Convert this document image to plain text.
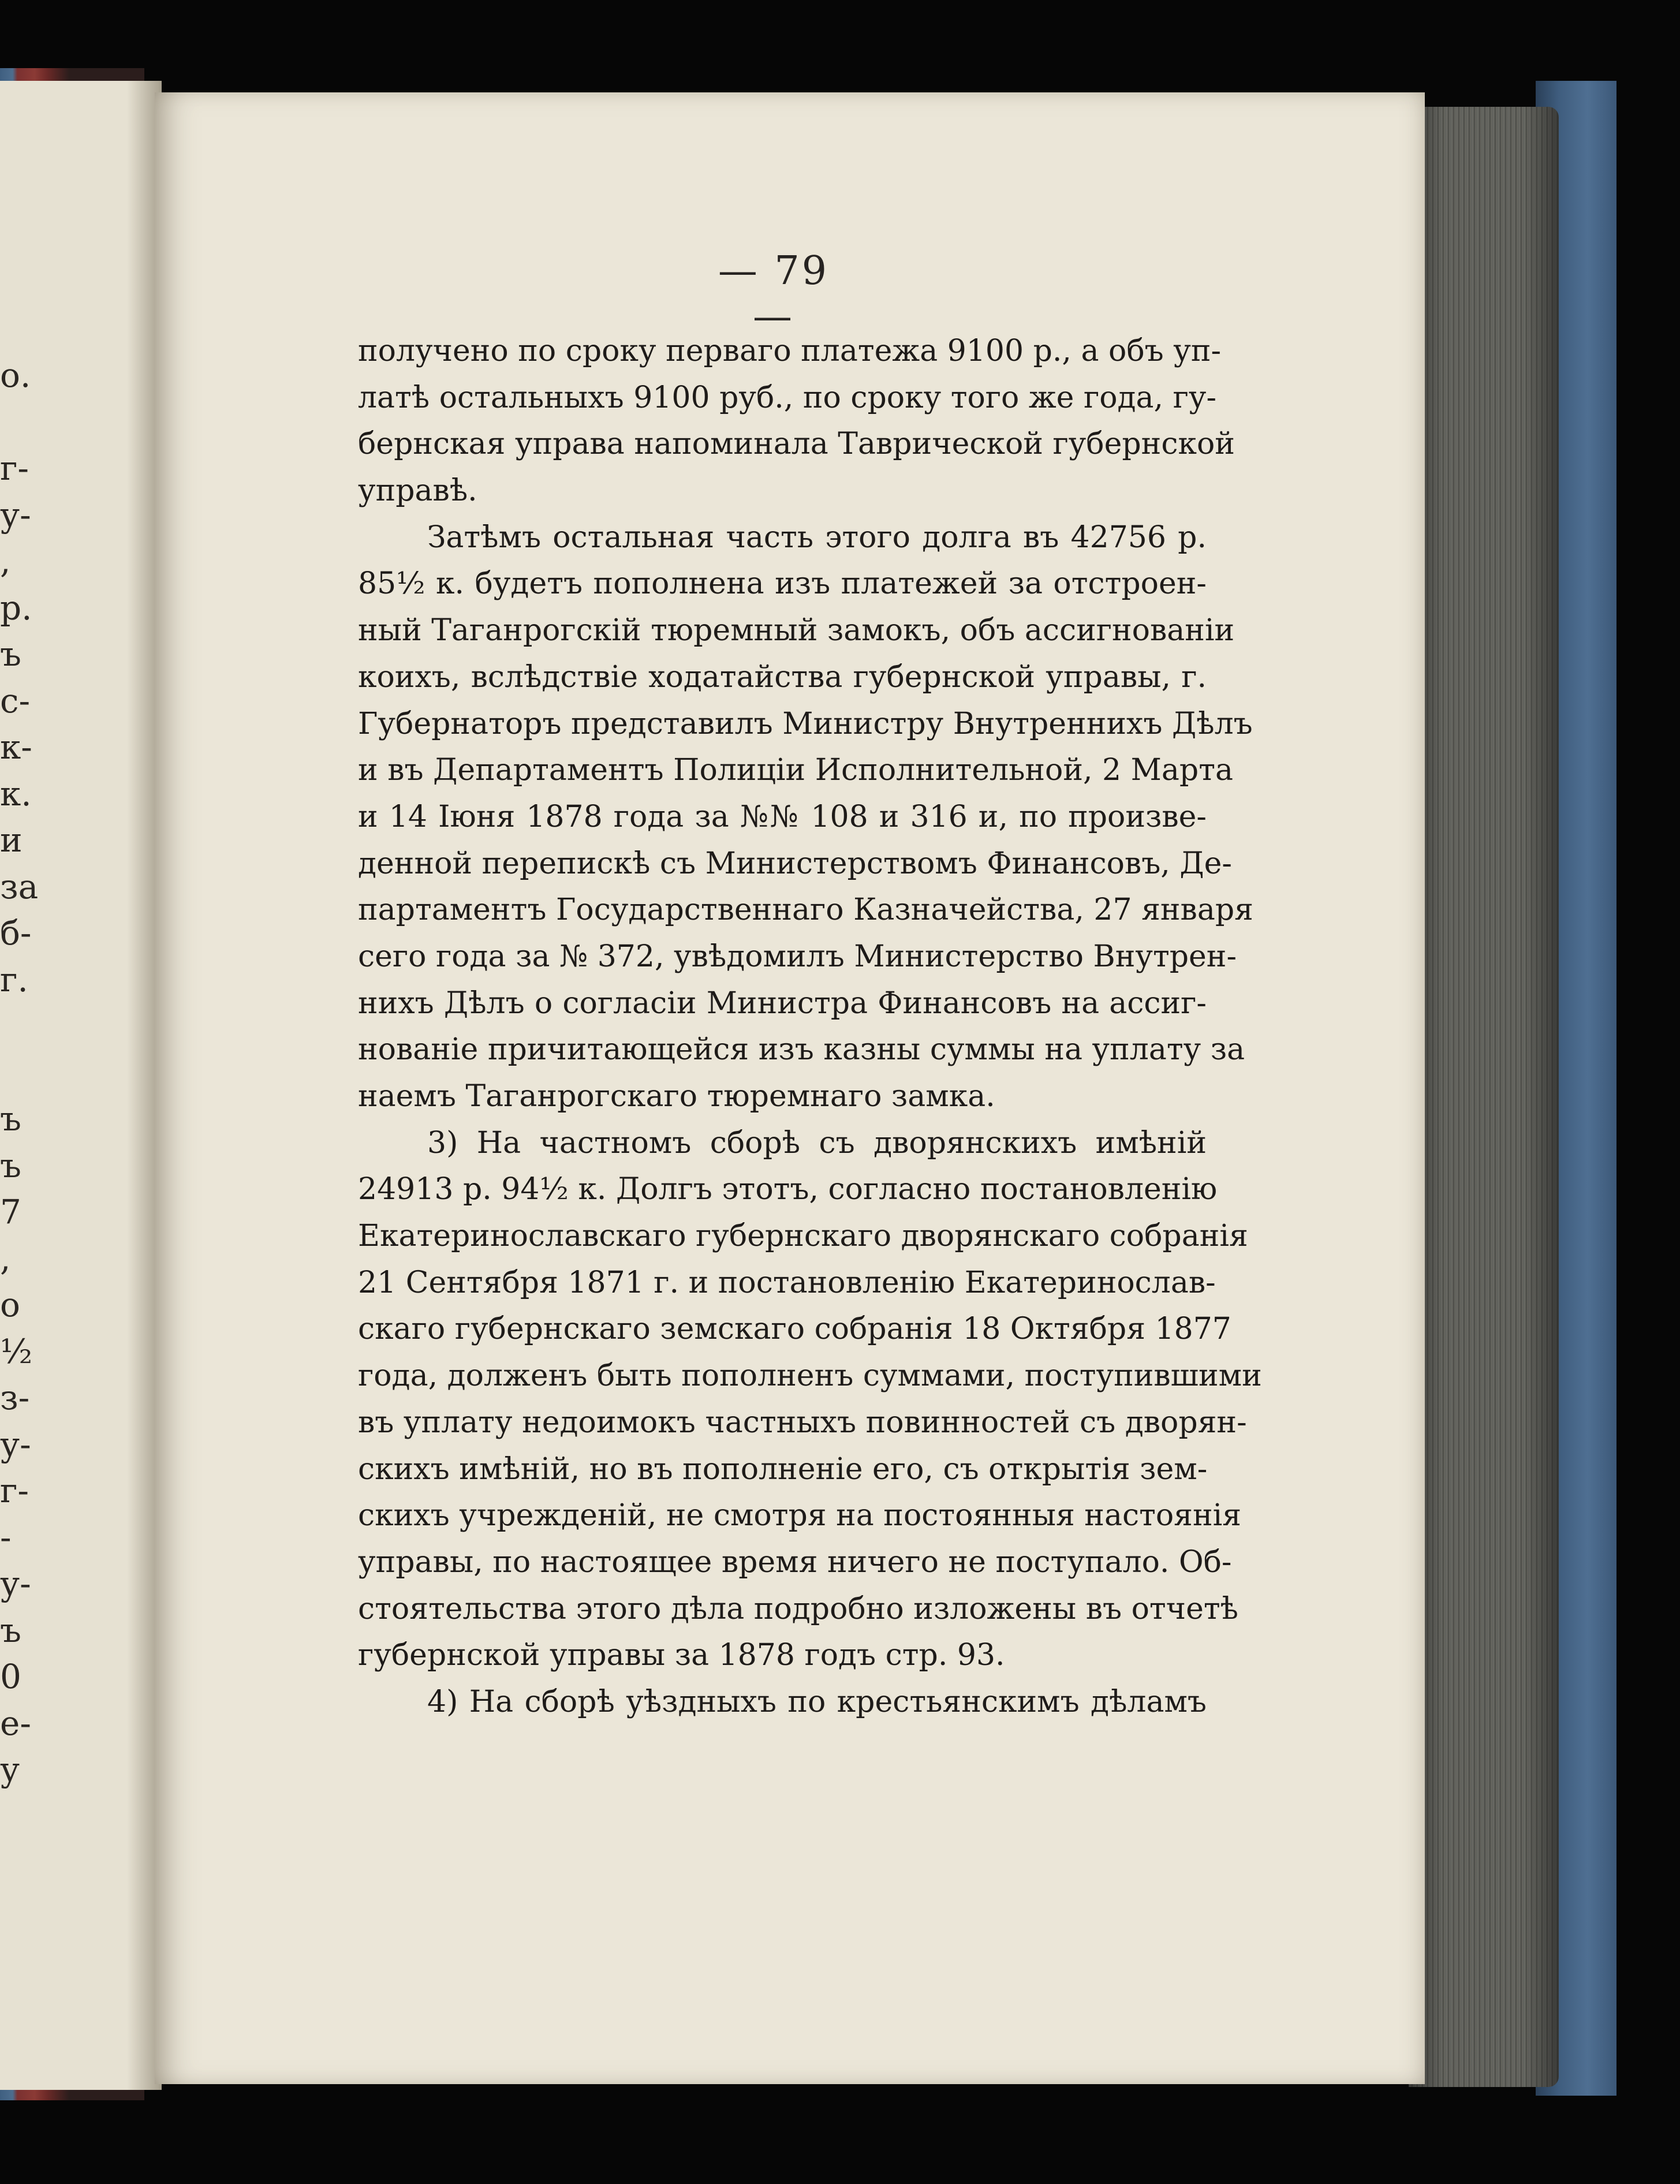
о.
г-
у-
,
р.
ъ
с-
к-
к.
и
за
б-
г.
ъ
ъ
7
,
о
½
з-
у-
г-
-
у-
ъ
0
е-
у
— 79 —
получено по сроку перваго платежа 9100 р., а объ уп-
латѣ остальныхъ 9100 руб., по сроку того же года, гу-
бернская управа напоминала Таврической губернской
управѣ.
Затѣмъ остальная часть этого долга въ 42756 р.
85½ к. будетъ пополнена изъ платежей за отстроен-
ный Таганрогскій тюремный замокъ, объ ассигнованіи
коихъ, вслѣдствіе ходатайства губернской управы, г.
Губернаторъ представилъ Министру Внутреннихъ Дѣлъ
и въ Департаментъ Полиціи Исполнительной, 2 Марта
и 14 Іюня 1878 года за №№ 108 и 316 и, по произве-
денной перепискѣ съ Министерствомъ Финансовъ, Де-
партаментъ Государственнаго Казначейства, 27 января
сего года за № 372, увѣдомилъ Министерство Внутрен-
нихъ Дѣлъ о согласіи Министра Финансовъ на ассиг-
нованіе причитающейся изъ казны суммы на уплату за
наемъ Таганрогскаго тюремнаго замка.
3) На частномъ сборѣ съ дворянскихъ имѣній
24913 р. 94½ к. Долгъ этотъ, согласно постановленію
Екатеринославскаго губернскаго дворянскаго собранія
21 Сентября 1871 г. и постановленію Екатеринослав-
скаго губернскаго земскаго собранія 18 Октября 1877
года, долженъ быть пополненъ суммами, поступившими
въ уплату недоимокъ частныхъ повинностей съ дворян-
скихъ имѣній, но въ пополненіе его, съ открытія зем-
скихъ учрежденій, не смотря на постоянныя настоянія
управы, по настоящее время ничего не поступало. Об-
стоятельства этого дѣла подробно изложены въ отчетѣ
губернской управы за 1878 годъ стр. 93.
4) На сборѣ уѣздныхъ по крестьянскимъ дѣламъ
